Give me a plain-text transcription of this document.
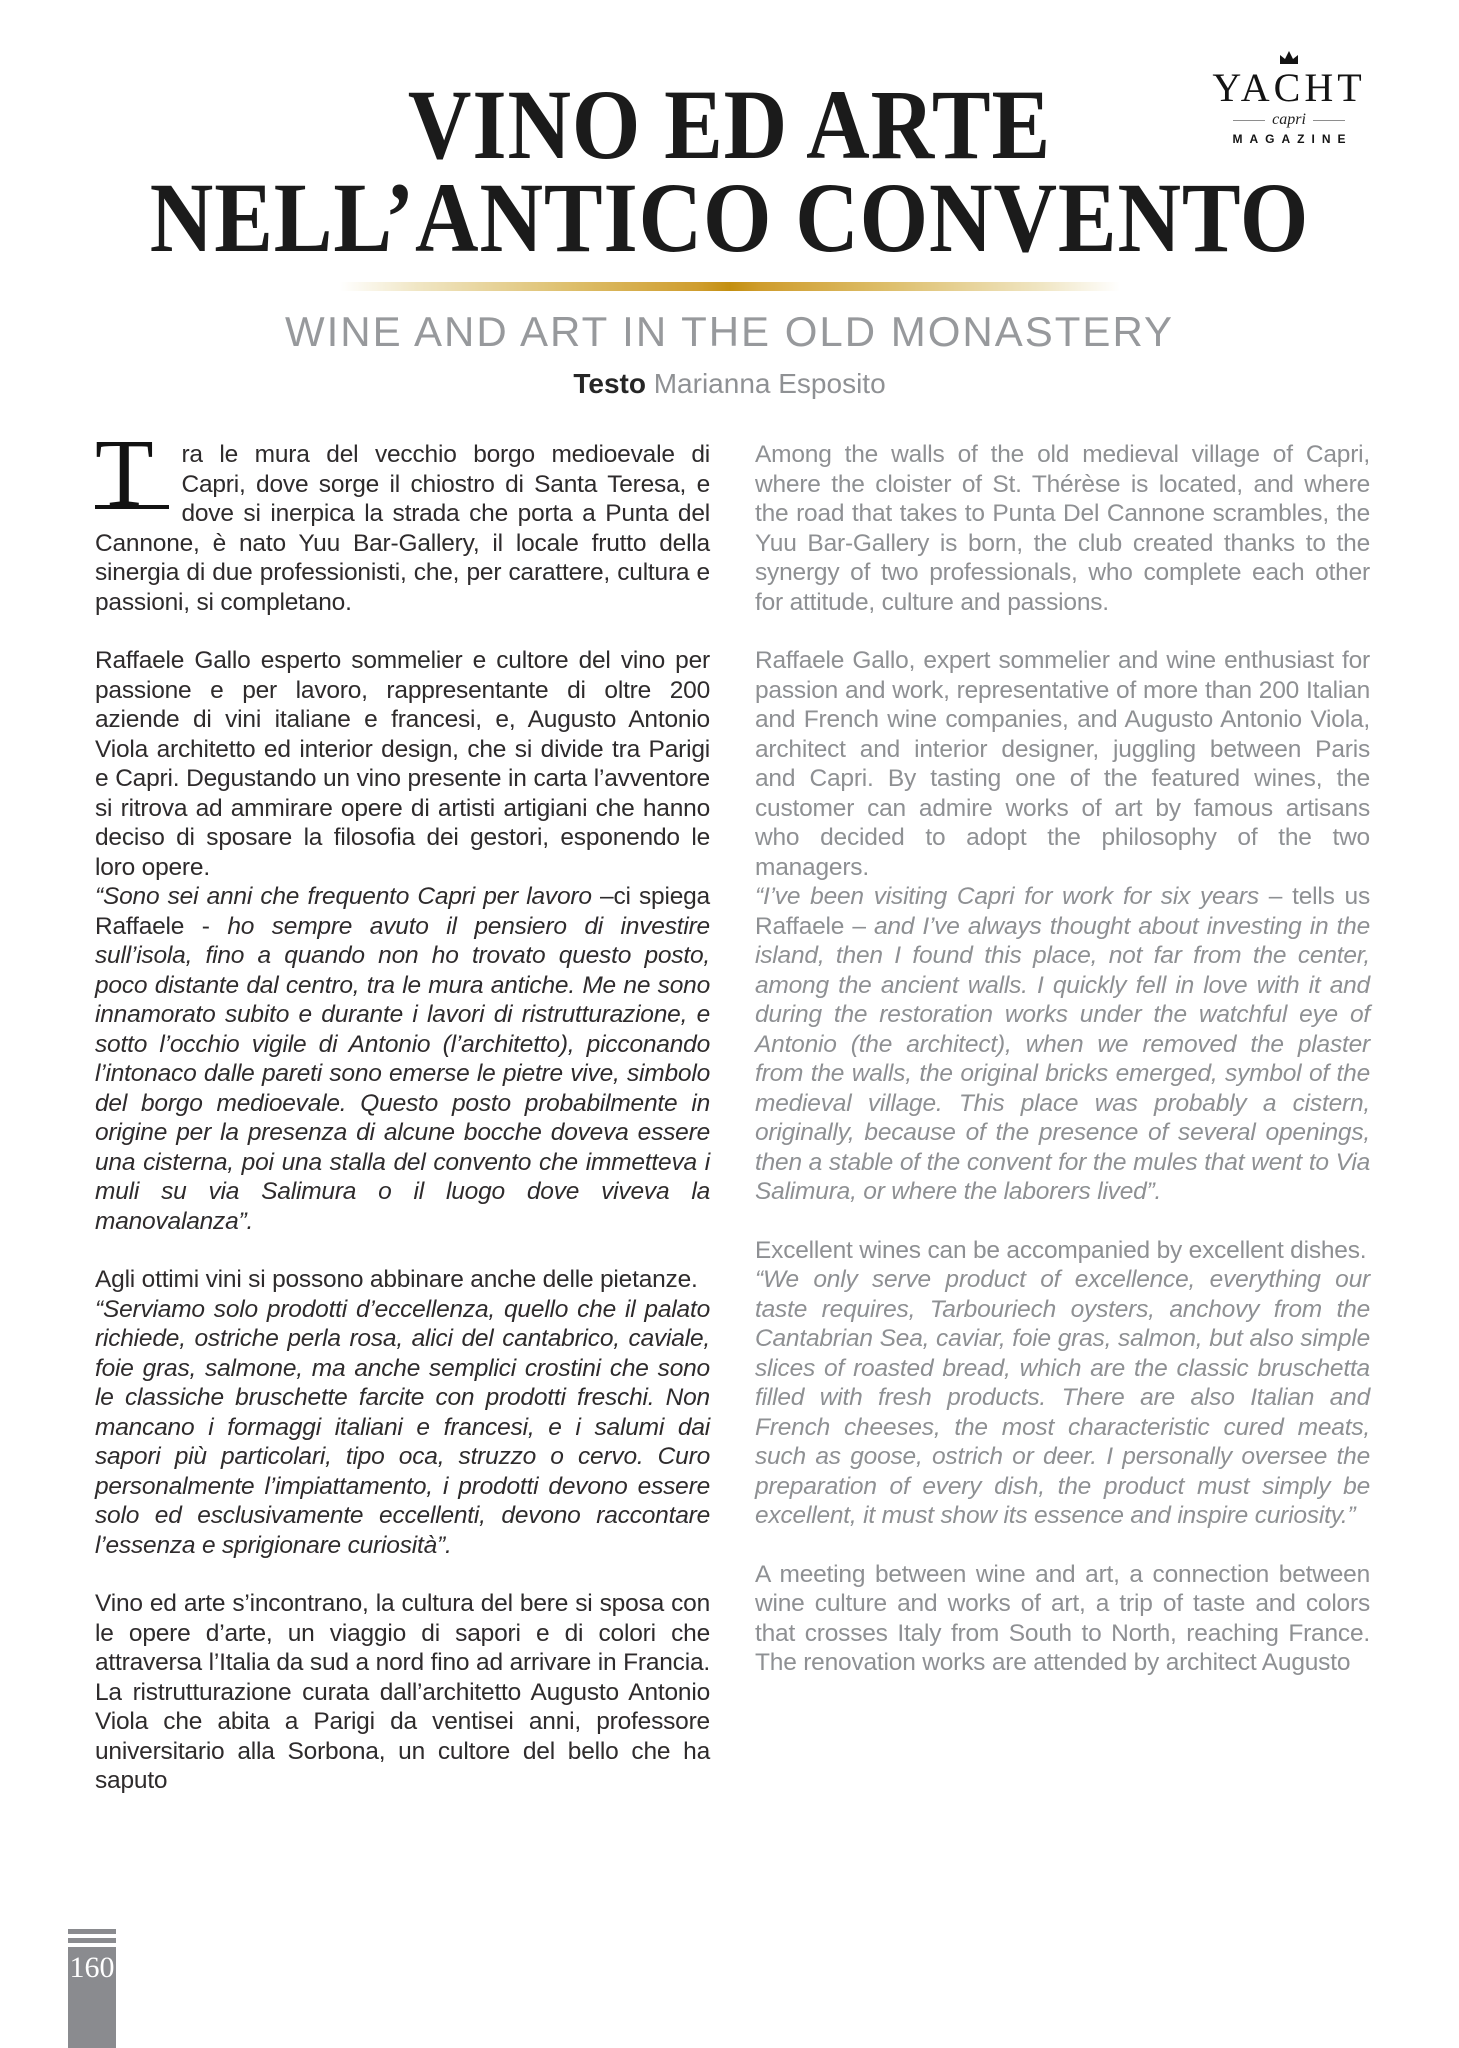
YACHT
capri
MAGAZINE
VINO ED ARTE
NELL’ANTICO CONVENTO
WINE AND ART IN THE OLD MONASTERY
Testo Marianna Esposito

T	ra le mura del vecchio borgo medioevale di Capri, dove sorge il chiostro di Santa Teresa, e dove si inerpica la strada che porta a Punta del Cannone, è nato Yuu Bar-Gallery, il locale frutto della sinergia di due professionisti, che, per carattere, cultura e passioni, si completano.

Raffaele Gallo esperto sommelier e cultore del vino per passione e per lavoro, rappresentante di oltre 200 aziende di vini italiane e francesi, e, Augusto Antonio Viola architetto ed interior design, che si divide tra Parigi e Capri. Degustando un vino presente in carta l’avventore si ritrova ad ammirare opere di artisti artigiani che hanno deciso di sposare la filosofia dei gestori, esponendo le loro opere.

“Sono sei anni che frequento Capri per lavoro –ci spiega Raffaele - ho sempre avuto il pensiero di investire sull’isola, fino a quando non ho trovato questo posto, poco distante dal centro, tra le mura antiche. Me ne sono innamorato subito e durante i lavori di ristrutturazione, e sotto l’occhio vigile di Antonio (l’architetto), picconando l’intonaco dalle pareti sono emerse le pietre vive, simbolo del borgo medioevale. Questo posto probabilmente in origine per la presenza di alcune bocche doveva essere una cisterna, poi una stalla del convento che immetteva i muli su via Salimura o il luogo dove viveva la manovalanza”.

Agli ottimi vini si possono abbinare anche delle pietanze.

“Serviamo solo prodotti d’eccellenza, quello che il palato richiede, ostriche perla rosa, alici del cantabrico, caviale, foie gras, salmone, ma anche semplici crostini che sono le classiche bruschette farcite con prodotti freschi. Non mancano i formaggi italiani e francesi, e i salumi dai sapori più particolari, tipo oca, struzzo o cervo. Curo personalmente l’impiattamento, i prodotti devono essere solo ed esclusivamente eccellenti, devono raccontare l’essenza e sprigionare curiosità”.

Vino ed arte s’incontrano, la cultura del bere si sposa con le opere d’arte, un viaggio di sapori e di colori che attraversa l’Italia da sud a nord fino ad arrivare in Francia. La ristrutturazione curata dall’architetto Augusto Antonio Viola che abita a Parigi da ventisei anni, professore universitario alla Sorbona, un cultore del bello che ha saputo

Among the walls of the old medieval village of Capri, where the cloister of St. Thérèse is located, and where the road that takes to Punta Del Cannone scrambles, the Yuu Bar-Gallery is born, the club created thanks to the synergy of two professionals, who complete each other for attitude, culture and passions.

Raffaele Gallo, expert sommelier and wine enthusiast for passion and work, representative of more than 200 Italian and French wine companies, and Augusto Antonio Viola, architect and interior designer, juggling between Paris and Capri. By tasting one of the featured wines, the customer can admire works of art by famous artisans who decided to adopt the philosophy of the two managers.

“I’ve been visiting Capri for work for six years – tells us Raffaele – and I’ve always thought about investing in the island, then I found this place, not far from the center, among the ancient walls. I quickly fell in love with it and during the restoration works under the watchful eye of Antonio (the architect), when we removed the plaster from the walls, the original bricks emerged, symbol of the medieval village. This place was probably a cistern, originally, because of the presence of several openings, then a stable of the convent for the mules that went to Via Salimura, or where the laborers lived”.

Excellent wines can be accompanied by excellent dishes.

“We only serve product of excellence, everything our taste requires, Tarbouriech oysters, anchovy from the Cantabrian Sea, caviar, foie gras, salmon, but also simple slices of roasted bread, which are the classic bruschetta filled with fresh products. There are also Italian and French cheeses, the most characteristic cured meats, such as goose, ostrich or deer. I personally oversee the preparation of every dish, the product must simply be excellent, it must show its essence and inspire curiosity.”

A meeting between wine and art, a connection between wine culture and works of art, a trip of taste and colors that crosses Italy from South to North, reaching France. The renovation works are attended by architect Augusto

160
